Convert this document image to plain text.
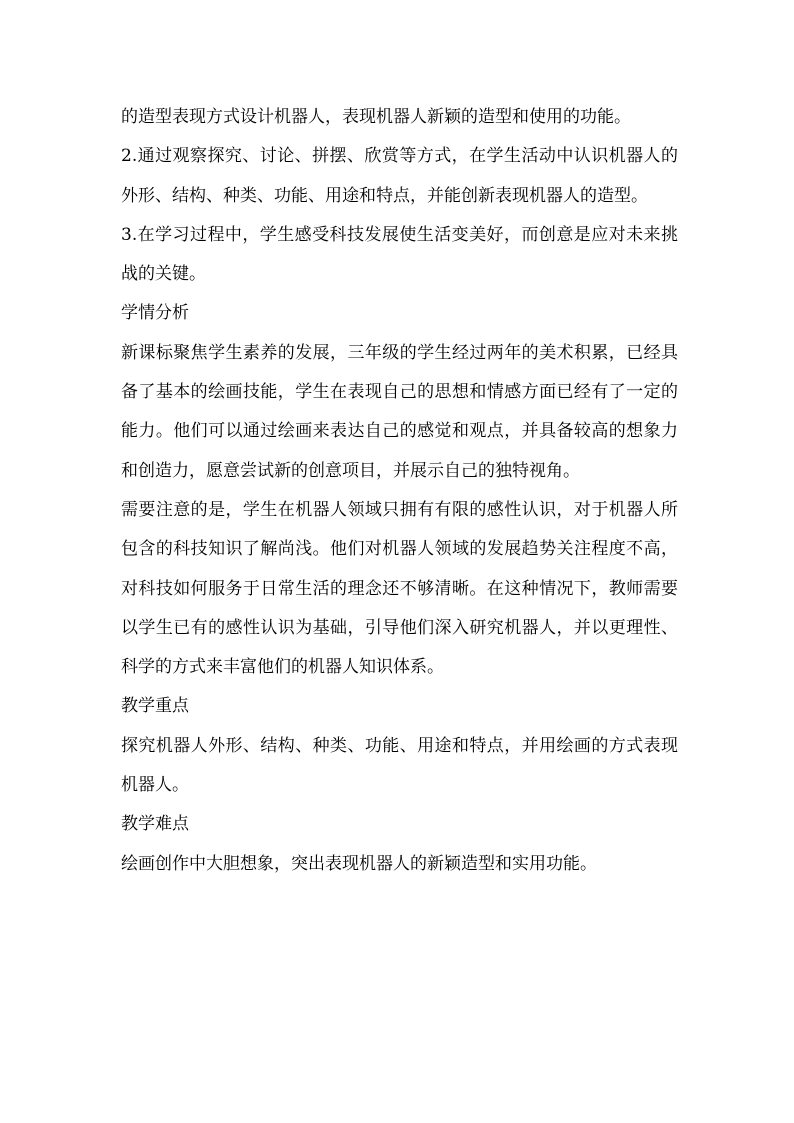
的造型表现方式设计机器人，表现机器人新颖的造型和使用的功能。

2.通过观察探究、讨论、拼摆、欣赏等方式，在学生活动中认识机器人的外形、结构、种类、功能、用途和特点，并能创新表现机器人的造型。

3.在学习过程中，学生感受科技发展使生活变美好，而创意是应对未来挑战的关键。

学情分析

新课标聚焦学生素养的发展，三年级的学生经过两年的美术积累，已经具备了基本的绘画技能，学生在表现自己的思想和情感方面已经有了一定的能力。他们可以通过绘画来表达自己的感觉和观点，并具备较高的想象力和创造力，愿意尝试新的创意项目，并展示自己的独特视角。

需要注意的是，学生在机器人领域只拥有有限的感性认识，对于机器人所包含的科技知识了解尚浅。他们对机器人领域的发展趋势关注程度不高，对科技如何服务于日常生活的理念还不够清晰。在这种情况下，教师需要以学生已有的感性认识为基础，引导他们深入研究机器人，并以更理性、科学的方式来丰富他们的机器人知识体系。

教学重点

探究机器人外形、结构、种类、功能、用途和特点，并用绘画的方式表现机器人。

教学难点

绘画创作中大胆想象，突出表现机器人的新颖造型和实用功能。
